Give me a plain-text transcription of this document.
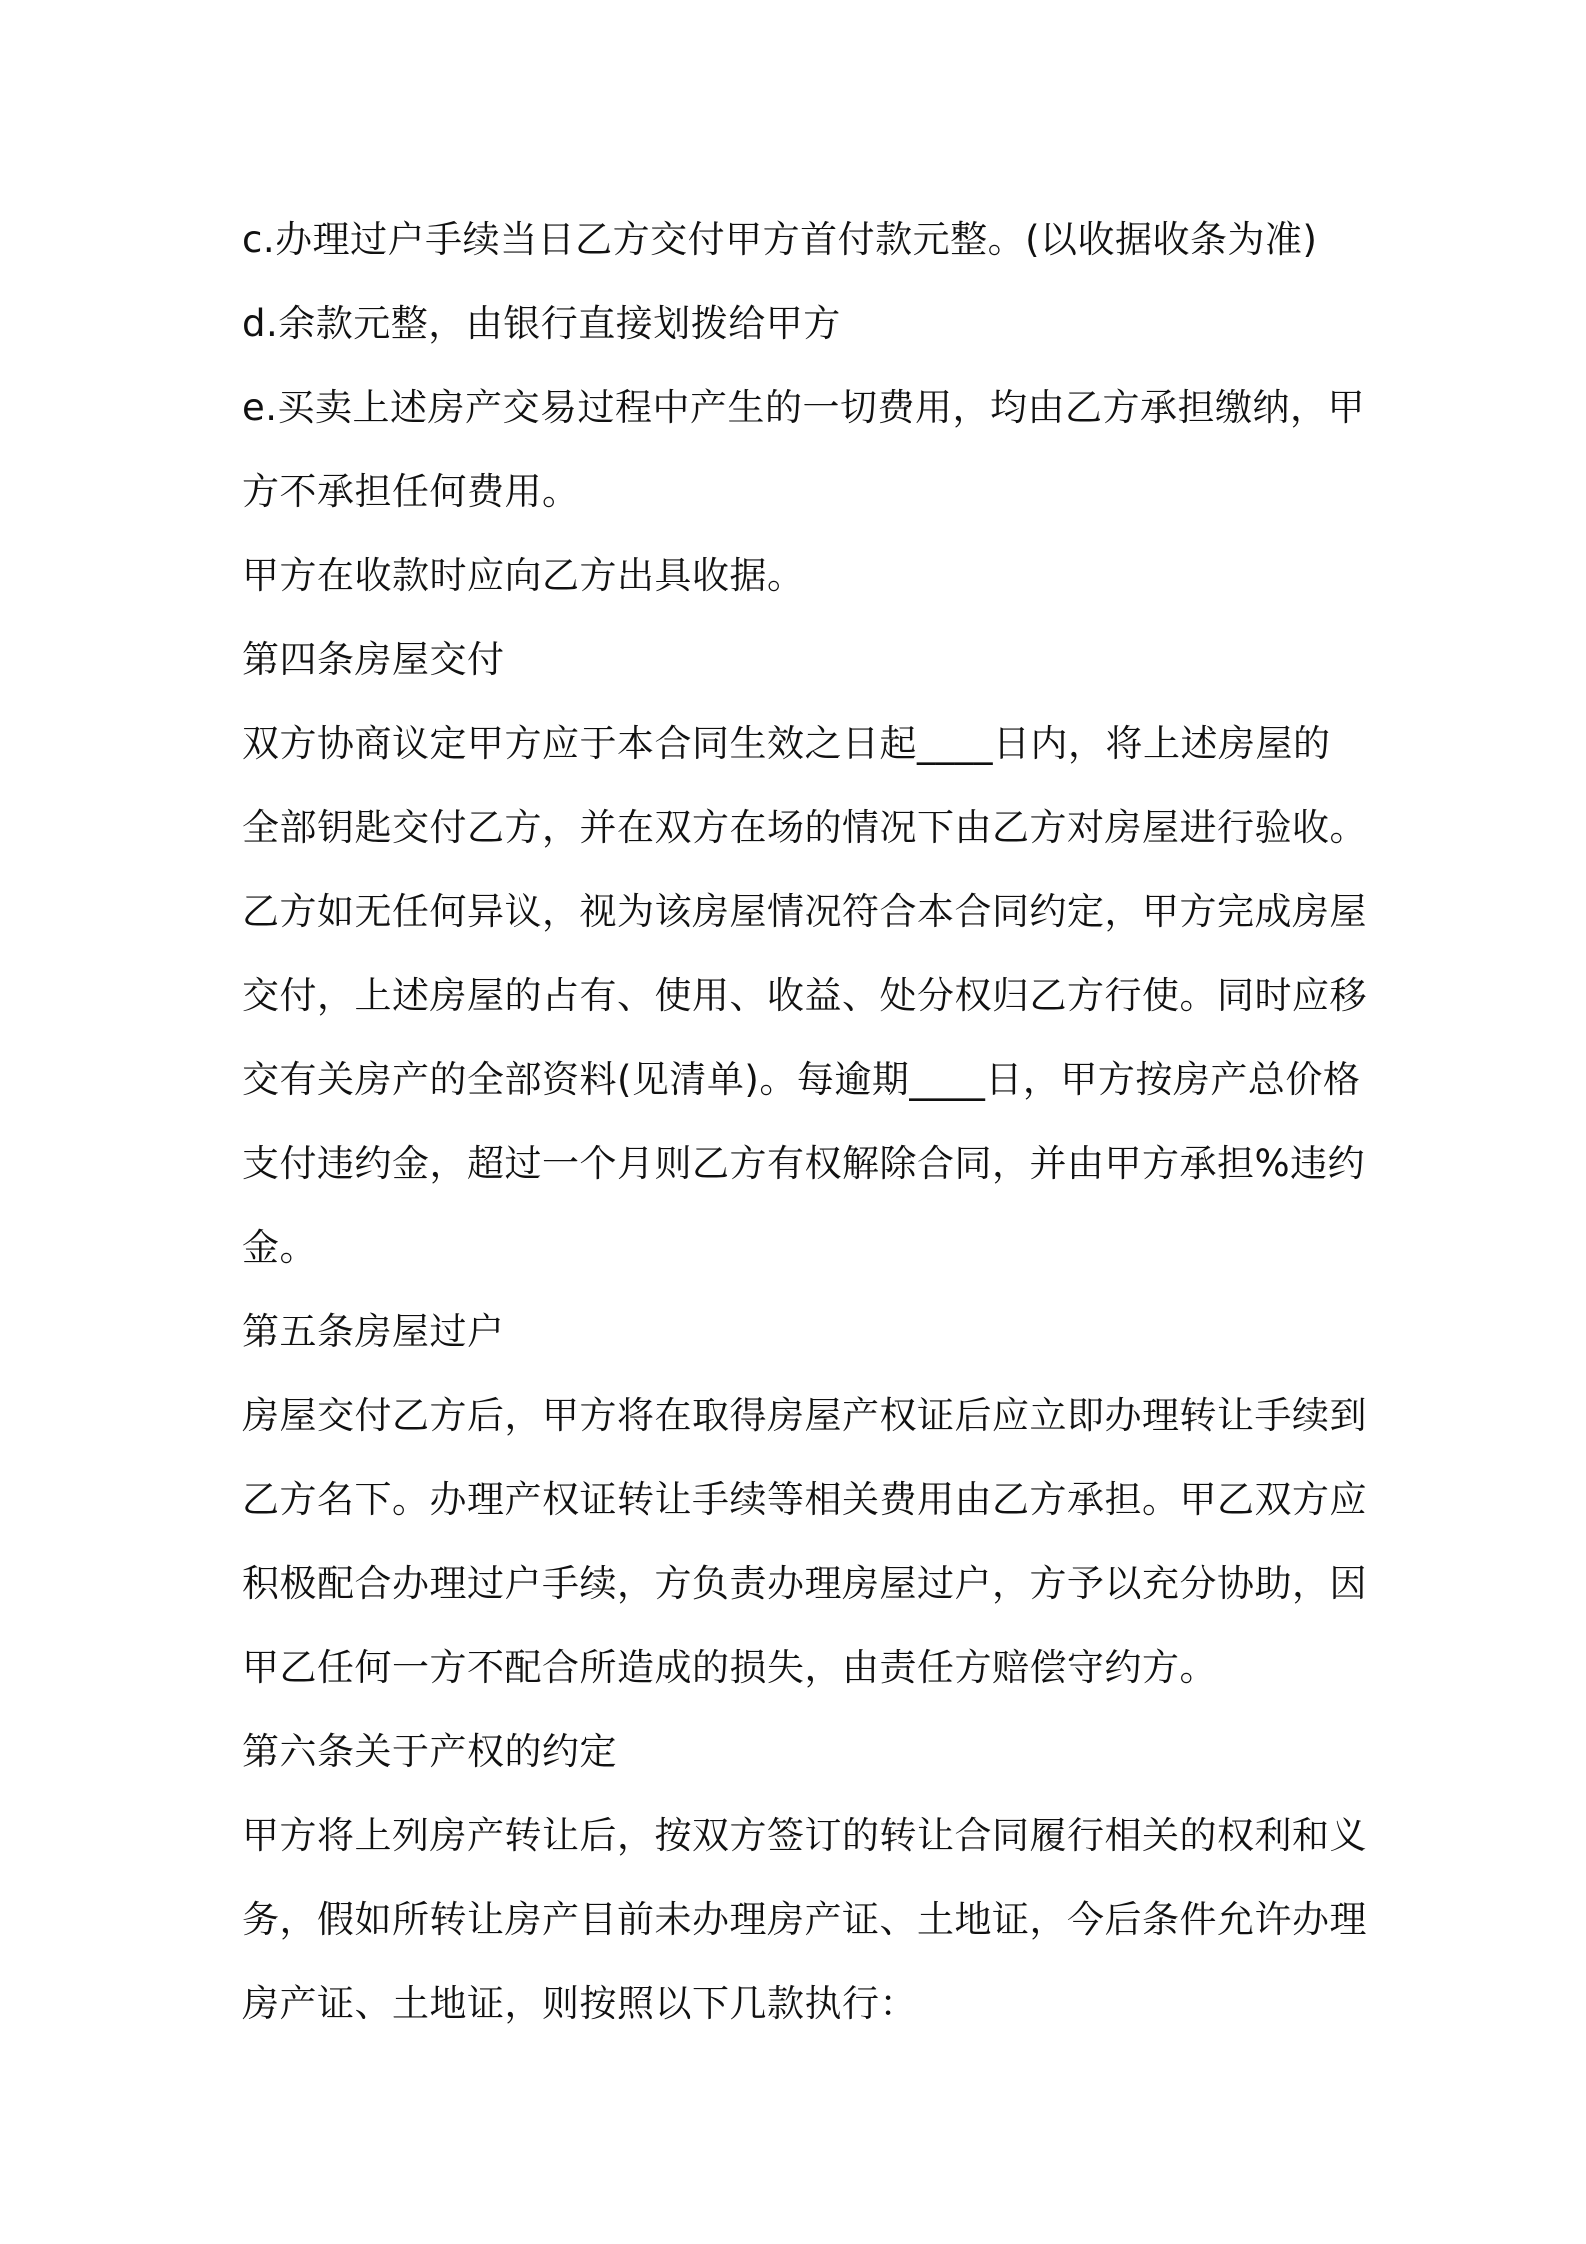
c.办理过户手续当日乙方交付甲方首付款元整。(以收据收条为准)
d.余款元整，由银行直接划拨给甲方
e.买卖上述房产交易过程中产生的一切费用，均由乙方承担缴纳，甲
方不承担任何费用。
甲方在收款时应向乙方出具收据。
第四条房屋交付
双方协商议定甲方应于本合同生效之日起____日内，将上述房屋的
全部钥匙交付乙方，并在双方在场的情况下由乙方对房屋进行验收。
乙方如无任何异议，视为该房屋情况符合本合同约定，甲方完成房屋
交付，上述房屋的占有、使用、收益、处分权归乙方行使。同时应移
交有关房产的全部资料(见清单)。每逾期____日，甲方按房产总价格
支付违约金，超过一个月则乙方有权解除合同，并由甲方承担%违约
金。
第五条房屋过户
房屋交付乙方后，甲方将在取得房屋产权证后应立即办理转让手续到
乙方名下。办理产权证转让手续等相关费用由乙方承担。甲乙双方应
积极配合办理过户手续，方负责办理房屋过户，方予以充分协助，因
甲乙任何一方不配合所造成的损失，由责任方赔偿守约方。
第六条关于产权的约定
甲方将上列房产转让后，按双方签订的转让合同履行相关的权利和义
务，假如所转让房产目前未办理房产证、土地证，今后条件允许办理
房产证、土地证，则按照以下几款执行：
